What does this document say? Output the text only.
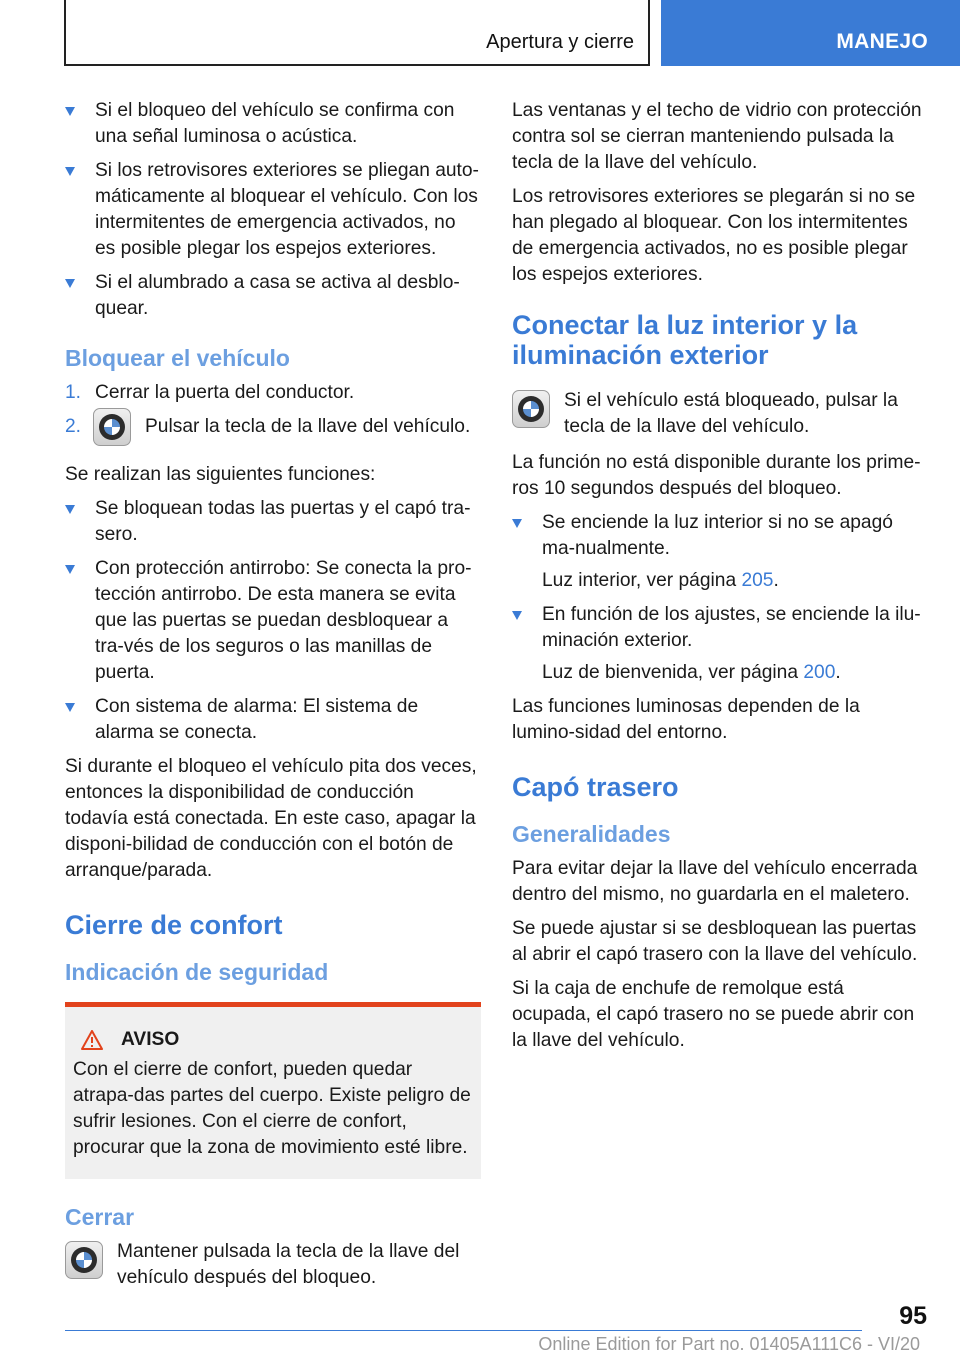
Apertura y cierre	MANEJO
Si el bloqueo del vehículo se confirma con una señal luminosa o acústica.
Si los retrovisores exteriores se pliegan auto‐máticamente al bloquear el vehículo. Con los intermitentes de emergencia activados, no es posible plegar los espejos exteriores.
Si el alumbrado a casa se activa al desblo‐quear.
Bloquear el vehículo
1. Cerrar la puerta del conductor.
2.	Pulsar la tecla de la llave del vehículo.

Se realizan las siguientes funciones:

Se bloquean todas las puertas y el capó tra‐sero.
Con protección antirrobo: Se conecta la pro‐tección antirrobo. De esta manera se evita que las puertas se puedan desbloquear a tra‐vés de los seguros o las manillas de puerta.
Con sistema de alarma: El sistema de alarma se conecta.

Si durante el bloqueo el vehículo pita dos veces, entonces la disponibilidad de conducción todavía está conectada. En este caso, apagar la disponi‐bilidad de conducción con el botón de arranque/parada.

Cierre de confort
Indicación de seguridad
AVISO

Con el cierre de confort, pueden quedar atrapa‐das partes del cuerpo. Existe peligro de sufrir lesiones. Con el cierre de confort, procurar que la zona de movimiento esté libre.

Cerrar
Mantener pulsada la tecla de la llave del vehículo después del bloqueo.

Las ventanas y el techo de vidrio con protección contra sol se cierran manteniendo pulsada la tecla de la llave del vehículo.

Los retrovisores exteriores se plegarán si no se han plegado al bloquear. Con los intermitentes de emergencia activados, no es posible plegar los espejos exteriores.

Conectar la luz interior y la iluminación exterior
Si el vehículo está bloqueado, pulsar la tecla de la llave del vehículo.

La función no está disponible durante los prime‐ros 10 segundos después del bloqueo.

Se enciende la luz interior si no se apagó ma‐nualmente.
Luz interior, ver página 205.
En función de los ajustes, se enciende la ilu‐minación exterior.
Luz de bienvenida, ver página 200.

Las funciones luminosas dependen de la lumino‐sidad del entorno.

Capó trasero
Generalidades

Para evitar dejar la llave del vehículo encerrada dentro del mismo, no guardarla en el maletero.

Se puede ajustar si se desbloquean las puertas al abrir el capó trasero con la llave del vehículo.

Si la caja de enchufe de remolque está ocupada, el capó trasero no se puede abrir con la llave del vehículo.

95
Online Edition for Part no. 01405A111C6 - VI/20
